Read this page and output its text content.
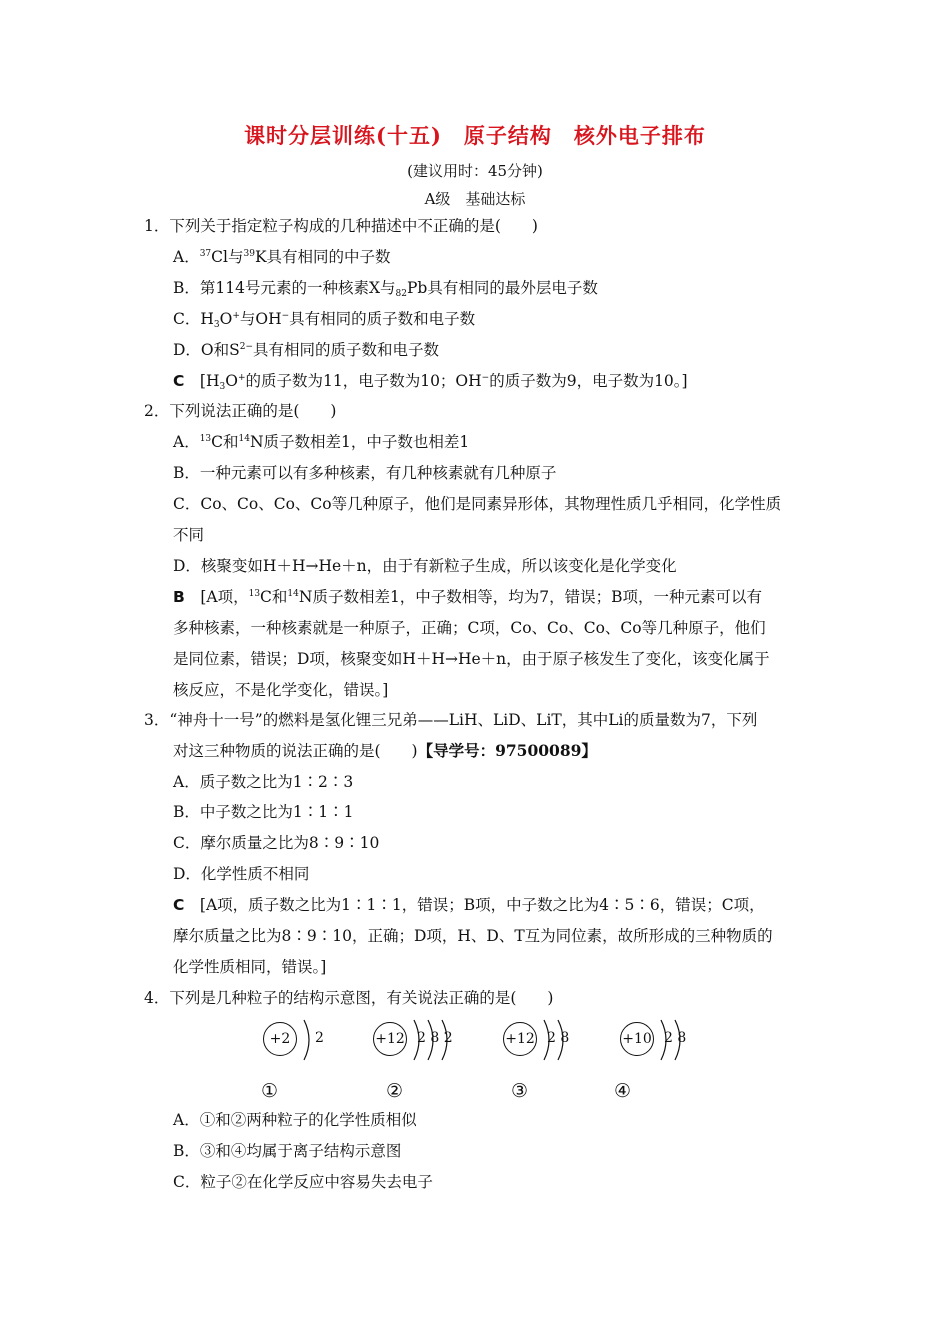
课时分层训练(十五)　原子结构　核外电子排布
(建议用时：45分钟)
A级　基础达标
1．下列关于指定粒子构成的几种描述中不正确的是(　　)
A．$^{37}$Cl与$^{39}$K具有相同的中子数
B．第114号元素的一种核素X与$_{82}$Pb具有相同的最外层电子数
C．$H_3O^+$与OH−具有相同的质子数和电子数
D．O和$S^{2-}$具有相同的质子数和电子数
C　 [$H_3O^+$的质子数为11，电子数为10；OH−的质子数为9，电子数为10。]
2．下列说法正确的是(　　)
A．$^{13}$C和$^{14}$N质子数相差1，中子数也相差1
B．一种元素可以有多种核素，有几种核素就有几种原子
C．Co、Co、Co、Co等几种原子，他们是同素异形体，其物理性质几乎相同，化学性质
不同
D．核聚变如H＋H→He＋n，由于有新粒子生成，所以该变化是化学变化
B　 [A项，$^{13}$C和$^{14}$N质子数相差1，中子数相等，均为7，错误；B项，一种元素可以有
多种核素，一种核素就是一种原子，正确；C项，Co、Co、Co、Co等几种原子，他们
是同位素，错误；D项，核聚变如H＋H→He＋n，由于原子核发生了变化，该变化属于
核反应，不是化学变化，错误。]
3．“神舟十一号”的燃料是氢化锂三兄弟——LiH、LiD、LiT，其中Li的质量数为7，下列
对这三种物质的说法正确的是(　　)【导学号：97500089】
A．质子数之比为1∶2∶3
B．中子数之比为1∶1∶1
C．摩尔质量之比为8∶9∶10
D．化学性质不相同
C　 [A项，质子数之比为1∶1∶1，错误；B项，中子数之比为4∶5∶6，错误；C项，
摩尔质量之比为8∶9∶10，正确；D项，H、D、T互为同位素，故所形成的三种物质的
化学性质相同，错误。]
4．下列是几种粒子的结构示意图，有关说法正确的是(　　)
+2	2
①
+12 2 8 2
②
+12 2 8
③
+10 2 8
④
A．①和②两种粒子的化学性质相似
B．③和④均属于离子结构示意图
C．粒子②在化学反应中容易失去电子
